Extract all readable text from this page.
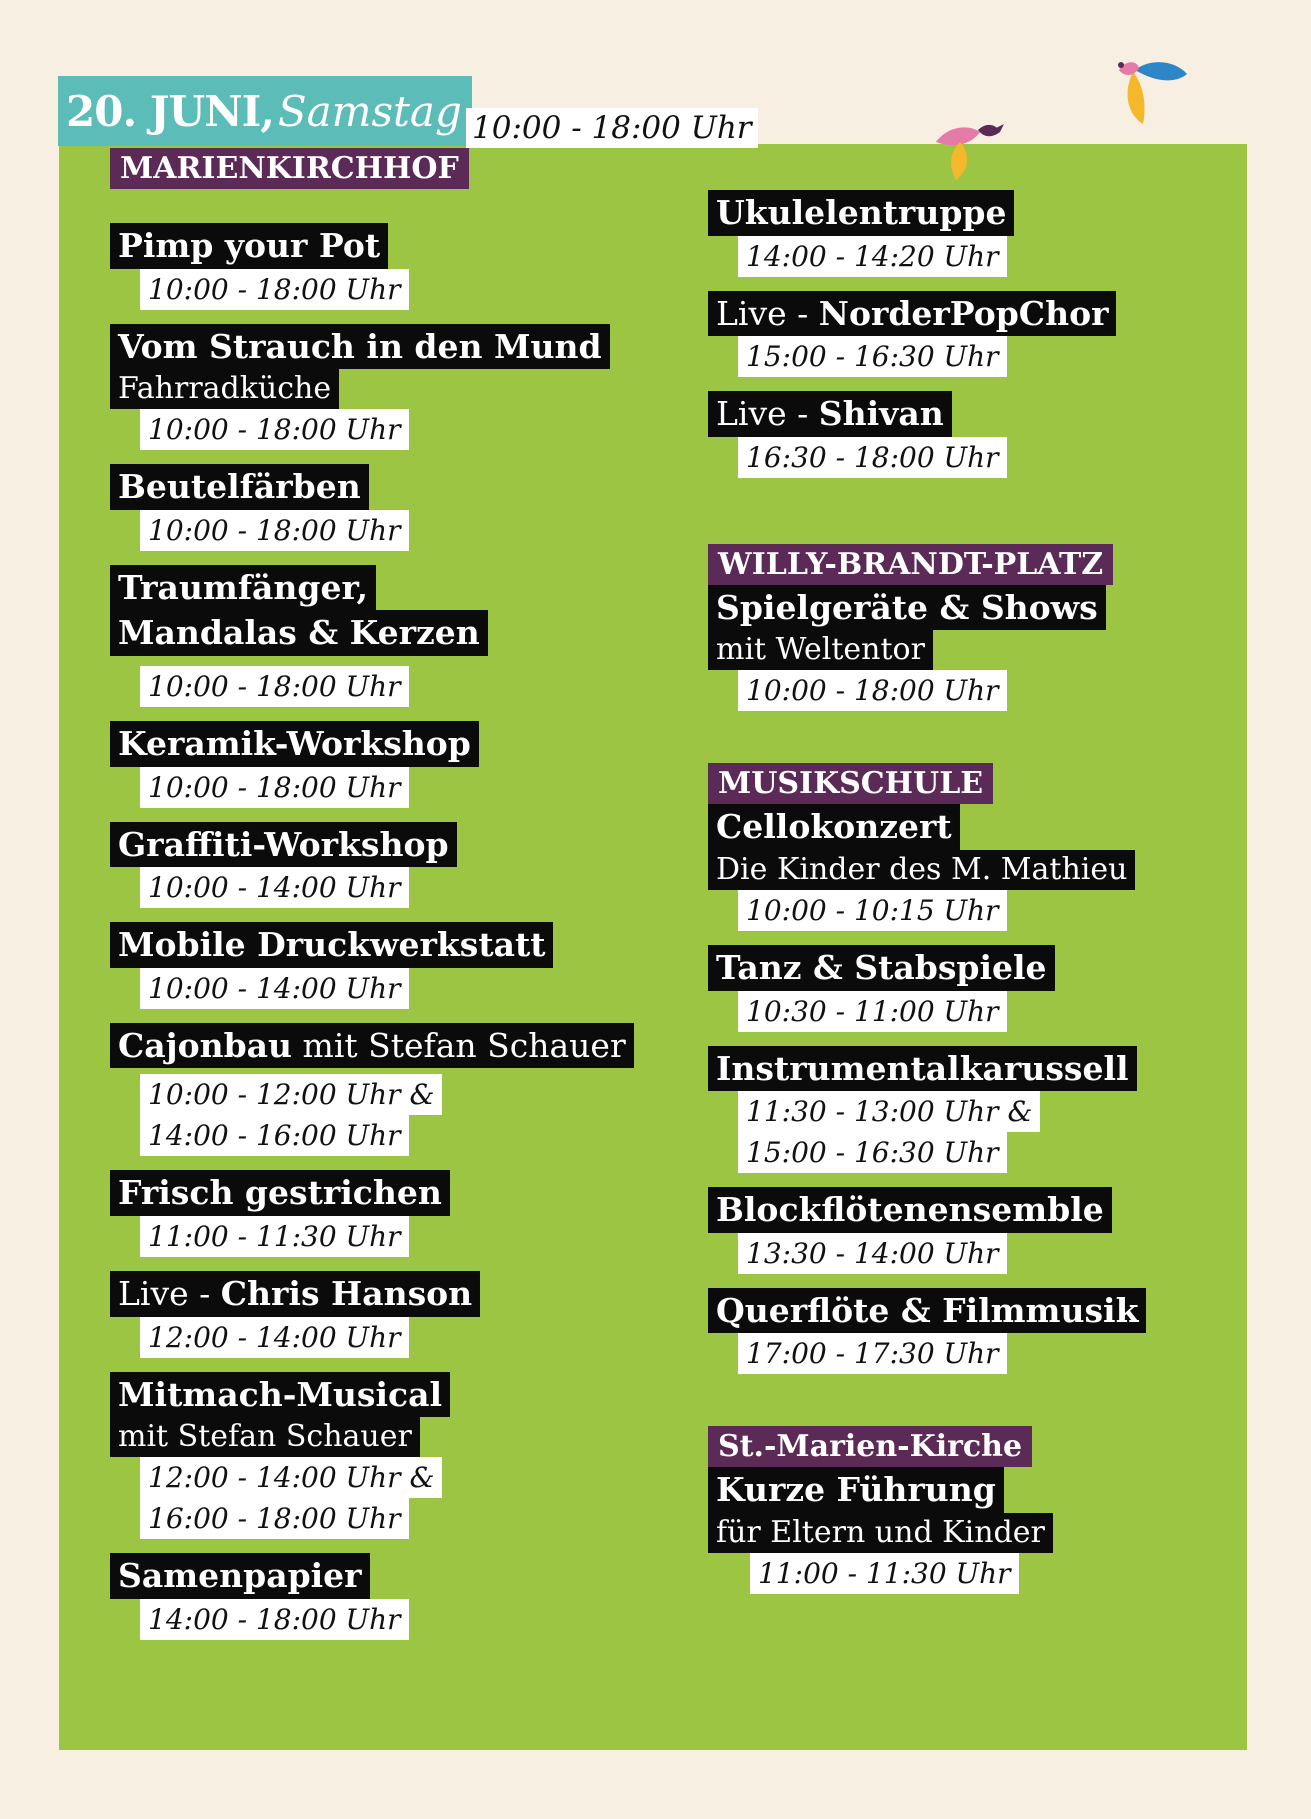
20. JUNI, Samstag 10:00 - 18:00 Uhr
MARIENKIRCHHOF
Pimp your Pot
10:00 - 18:00 Uhr
Vom Strauch in den Mund
Fahrradküche
10:00 - 18:00 Uhr
Beutelfärben
10:00 - 18:00 Uhr
Traumfänger,
Mandalas & Kerzen
10:00 - 18:00 Uhr
Keramik-Workshop
10:00 - 18:00 Uhr
Graffiti-Workshop
10:00 - 14:00 Uhr
Mobile Druckwerkstatt
10:00 - 14:00 Uhr
Cajonbau mit Stefan Schauer
10:00 - 12:00 Uhr &
14:00 - 16:00 Uhr
Frisch gestrichen
11:00 - 11:30 Uhr
Live - Chris Hanson
12:00 - 14:00 Uhr
Mitmach-Musical
mit Stefan Schauer
12:00 - 14:00 Uhr &
16:00 - 18:00 Uhr
Samenpapier
14:00 - 18:00 Uhr
Ukulelentruppe
14:00 - 14:20 Uhr
Live - NorderPopChor
15:00 - 16:30 Uhr
Live - Shivan
16:30 - 18:00 Uhr
WILLY-BRANDT-PLATZ
Spielgeräte & Shows
mit Weltentor
10:00 - 18:00 Uhr
MUSIKSCHULE
Cellokonzert
Die Kinder des M. Mathieu
10:00 - 10:15 Uhr
Tanz & Stabspiele
10:30 - 11:00 Uhr
Instrumentalkarussell
11:30 - 13:00 Uhr &
15:00 - 16:30 Uhr
Blockflötenensemble
13:30 - 14:00 Uhr
Querflöte & Filmmusik
17:00 - 17:30 Uhr
St.-Marien-Kirche
Kurze Führung
für Eltern und Kinder
11:00 - 11:30 Uhr
